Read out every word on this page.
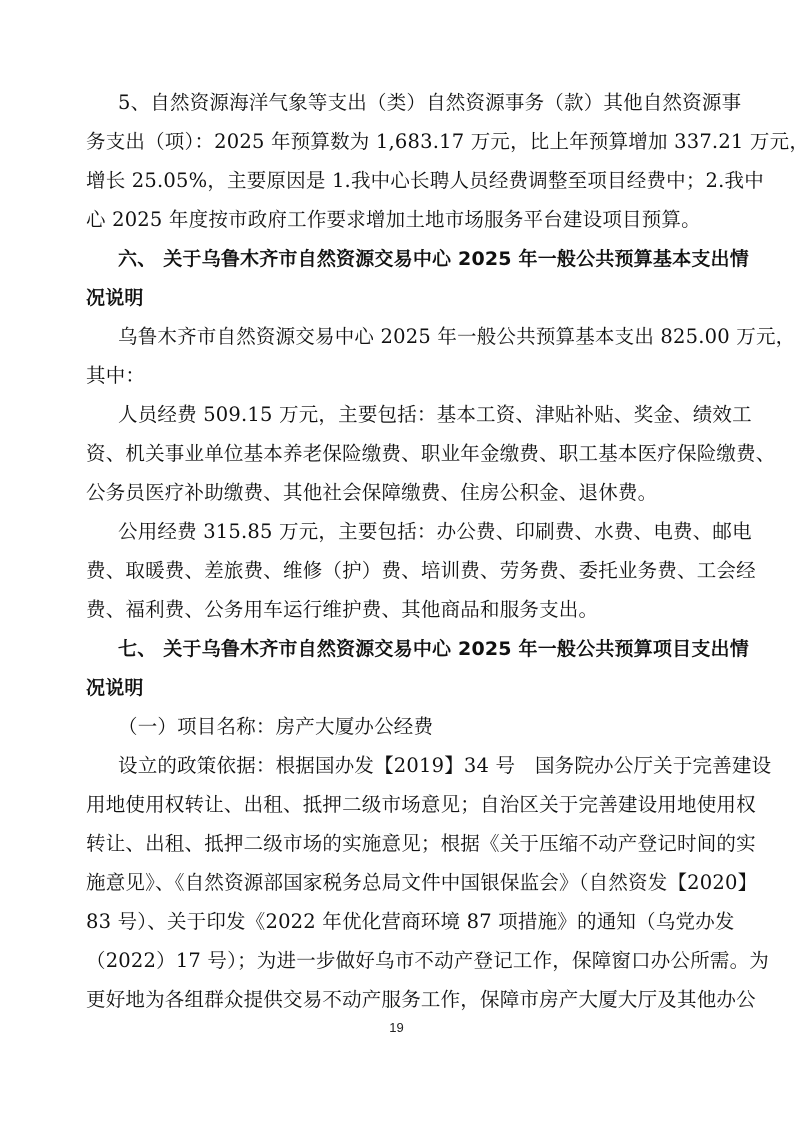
5、自然资源海洋气象等支出（类）自然资源事务（款）其他自然资源事
务支出（项）：2025 年预算数为 1,683.17 万元，比上年预算增加 337.21 万元，
增长 25.05%，主要原因是 1.我中心长聘人员经费调整至项目经费中；2.我中
心 2025 年度按市政府工作要求增加土地市场服务平台建设项目预算。
六、 关于乌鲁木齐市自然资源交易中心 2025 年一般公共预算基本支出情
况说明
乌鲁木齐市自然资源交易中心 2025 年一般公共预算基本支出 825.00 万元，
其中：
人员经费 509.15 万元，主要包括：基本工资、津贴补贴、奖金、绩效工
资、机关事业单位基本养老保险缴费、职业年金缴费、职工基本医疗保险缴费、
公务员医疗补助缴费、其他社会保障缴费、住房公积金、退休费。
公用经费 315.85 万元，主要包括：办公费、印刷费、水费、电费、邮电
费、取暖费、差旅费、维修（护）费、培训费、劳务费、委托业务费、工会经
费、福利费、公务用车运行维护费、其他商品和服务支出。
七、 关于乌鲁木齐市自然资源交易中心 2025 年一般公共预算项目支出情
况说明
（一）项目名称：房产大厦办公经费
设立的政策依据：根据国办发【2019】34 号　国务院办公厅关于完善建设
用地使用权转让、出租、抵押二级市场意见；自治区关于完善建设用地使用权
转让、出租、抵押二级市场的实施意见；根据《关于压缩不动产登记时间的实
施意见》、《自然资源部国家税务总局文件中国银保监会》（自然资发【2020】
83 号）、关于印发《2022 年优化营商环境 87 项措施》的通知（乌党办发
（2022）17 号）；为进一步做好乌市不动产登记工作，保障窗口办公所需。为
更好地为各组群众提供交易不动产服务工作，保障市房产大厦大厅及其他办公
19
